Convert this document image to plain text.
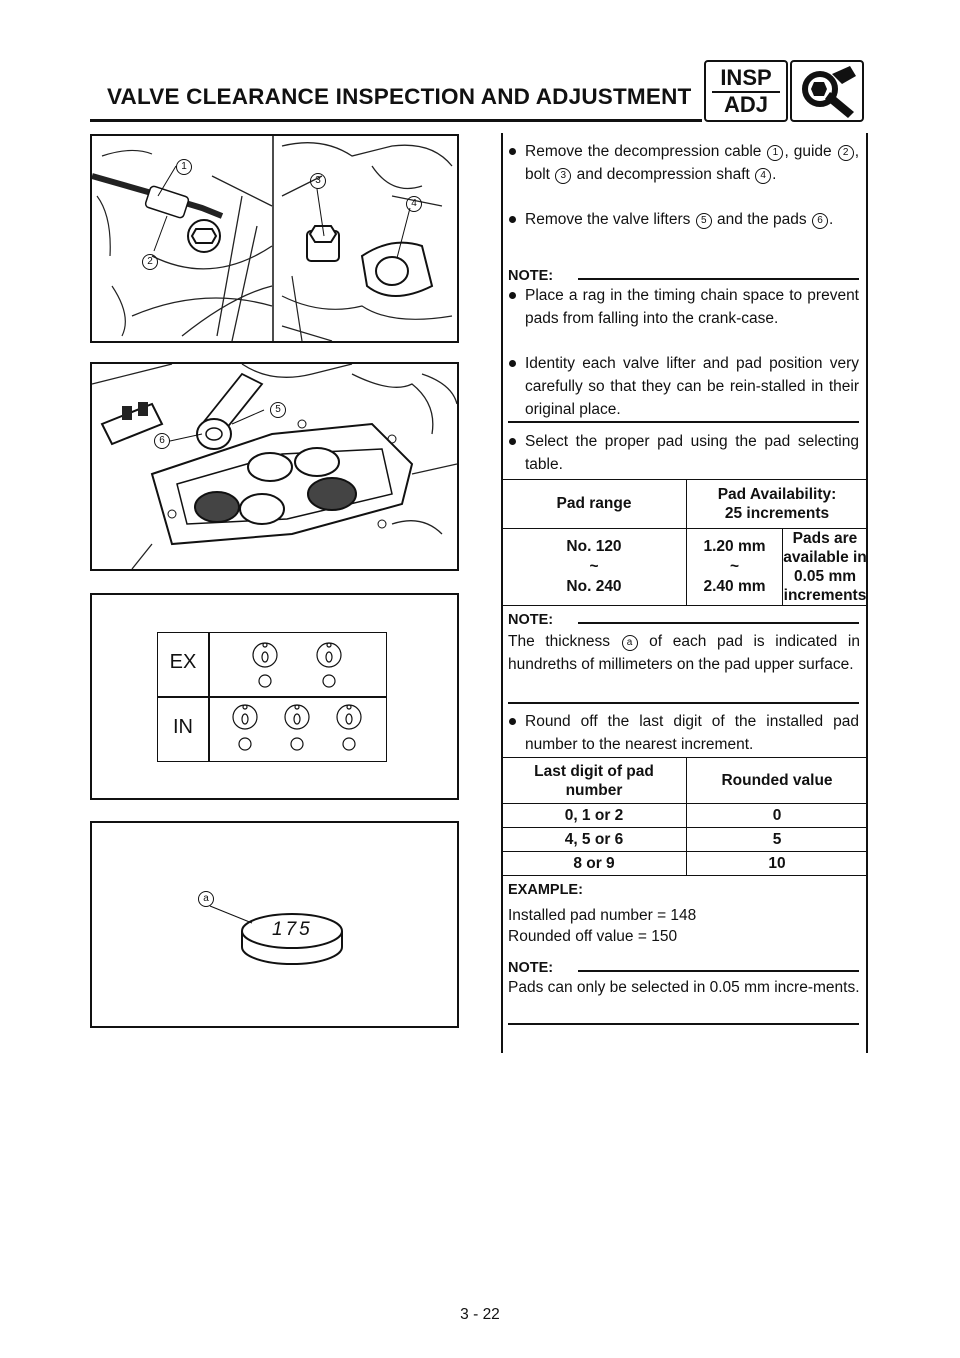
VALVE CLEARANCE INSPECTION AND ADJUSTMENT
INSP
ADJ
1
2
3
4
5
6
EX
IN
175
a
Remove the decompression cable 1 , guide 2 , bolt 3 and decompression shaft 4 .
Remove the valve lifters 5 and the pads 6 .
NOTE:
Place a rag in the timing chain space to prevent pads from falling into the crank-case.
Identity each valve lifter and pad position very carefully so that they can be rein-stalled in their original place.
Select the proper pad using the pad selecting table.
Pad range	Pad Availability:
25 increments	
No. 120
~
No. 240	1.20 mm
~
2.40 mm	Pads are available in
0.05 mm increments
NOTE:
The thickness a of each pad is indicated in hundreths of millimeters on the pad upper surface.
Round off the last digit of the installed pad number to the nearest increment.
Last digit of pad
number	Rounded value
0, 1 or 2	0
4, 5 or 6	5
8 or 9	10
EXAMPLE:
Installed pad number = 148
Rounded off value = 150
NOTE:
Pads can only be selected in 0.05 mm incre-ments.
3 - 22
